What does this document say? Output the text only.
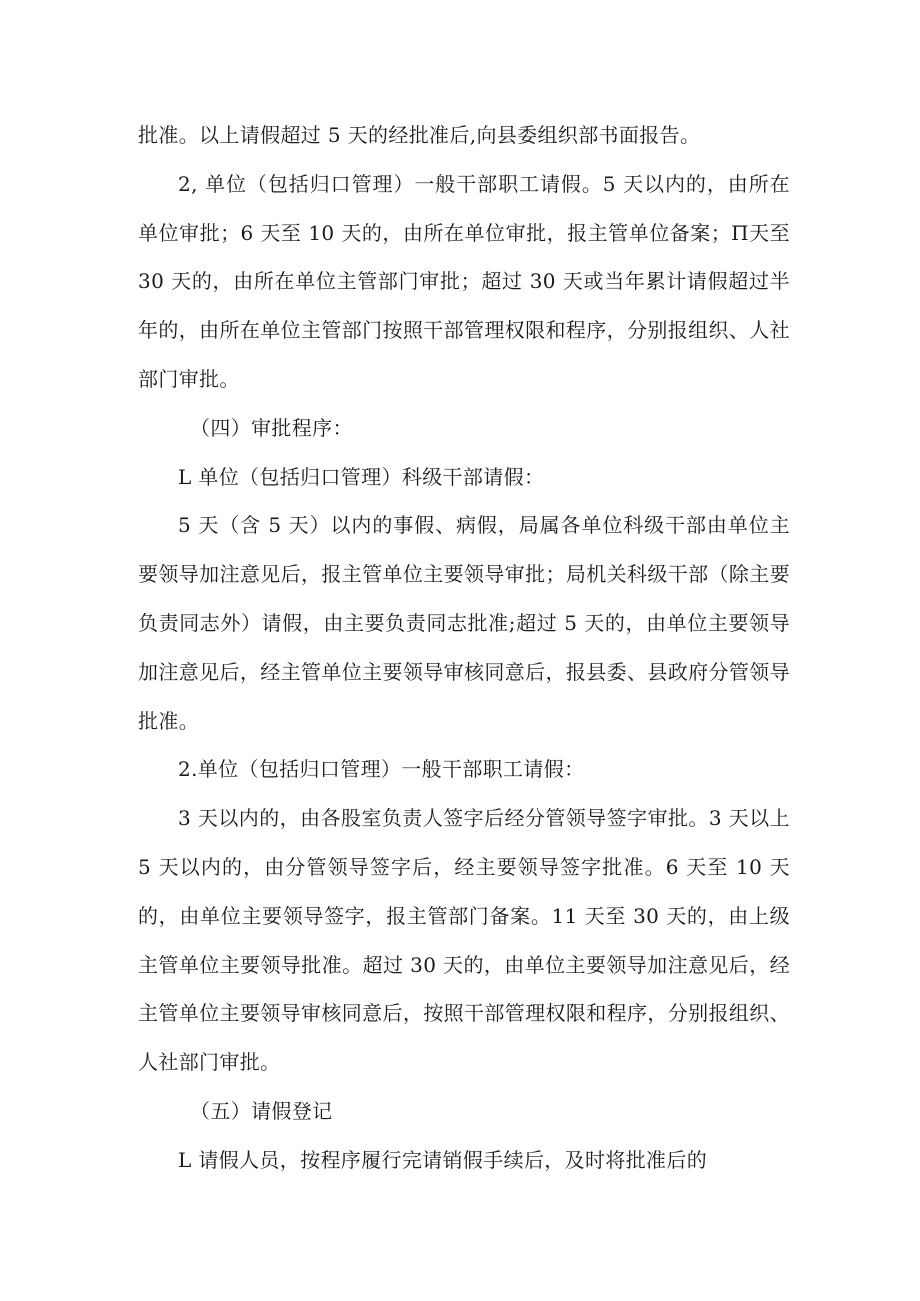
批准。以上请假超过 5 天的经批准后,向县委组织部书面报告。

2, 单位（包括归口管理）一般干部职工请假。5 天以内的，由所在单位审批；6 天至 10 天的，由所在单位审批，报主管单位备案；Π天至 30 天的，由所在单位主管部门审批；超过 30 天或当年累计请假超过半年的，由所在单位主管部门按照干部管理权限和程序，分别报组织、人社部门审批。

（四）审批程序：

L 单位（包括归口管理）科级干部请假：

5 天（含 5 天）以内的事假、病假，局属各单位科级干部由单位主要领导加注意见后，报主管单位主要领导审批；局机关科级干部（除主要负责同志外）请假，由主要负责同志批准;超过 5 天的，由单位主要领导加注意见后，经主管单位主要领导审核同意后，报县委、县政府分管领导批准。

2.单位（包括归口管理）一般干部职工请假：

3 天以内的，由各股室负责人签字后经分管领导签字审批。3 天以上 5 天以内的，由分管领导签字后，经主要领导签字批准。6 天至 10 天的，由单位主要领导签字，报主管部门备案。11 天至 30 天的，由上级主管单位主要领导批准。超过 30 天的，由单位主要领导加注意见后，经主管单位主要领导审核同意后，按照干部管理权限和程序，分别报组织、人社部门审批。

（五）请假登记

L 请假人员，按程序履行完请销假手续后，及时将批准后的
